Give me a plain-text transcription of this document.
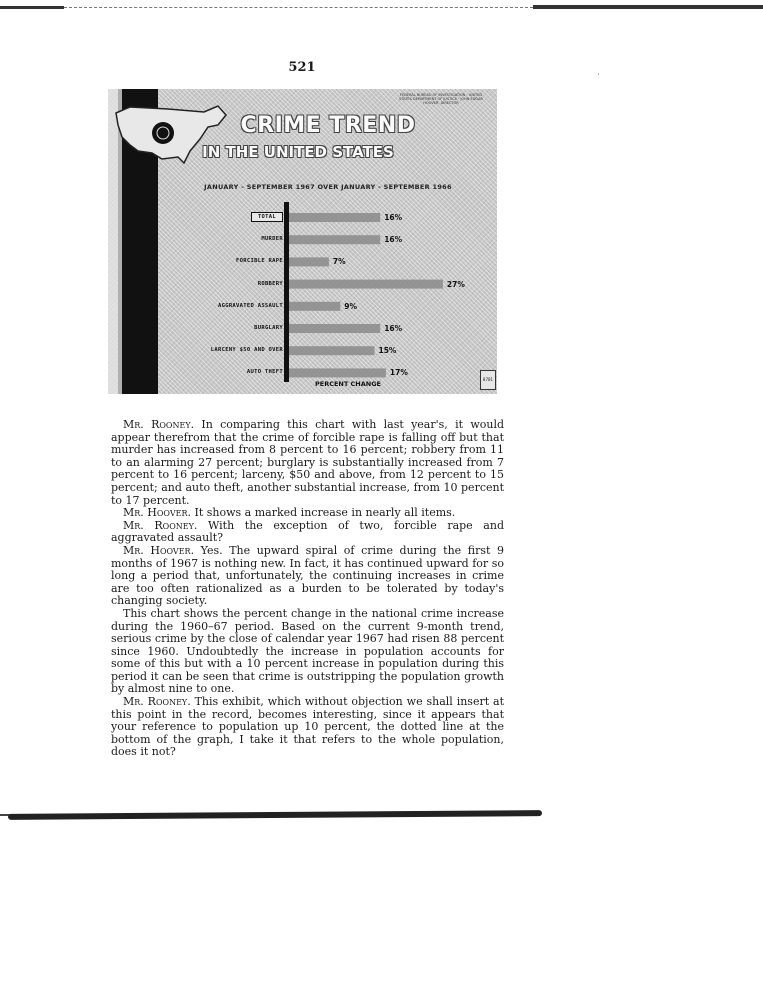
521	·
FEDERAL BUREAU OF INVESTIGATION · UNITED STATES DEPARTMENT OF JUSTICE · JOHN EDGAR HOOVER, DIRECTOR
CRIME TREND
IN THE UNITED STATES
JANUARY - SEPTEMBER 1967 OVER JANUARY - SEPTEMBER 1966
TOTAL
MURDER
FORCIBLE RAPE
ROBBERY
AGGRAVATED ASSAULT
BURGLARY
LARCENY $50 AND OVER
AUTO THEFT
16%
16%
7%
27%
9%
16%
15%
17%
PERCENT CHANGE
8781

Mr. Rooney. In comparing this chart with last year's, it would appear therefrom that the crime of forcible rape is falling off but that murder has increased from 8 percent to 16 percent; robbery from 11 to an alarming 27 percent; burglary is substantially increased from 7 percent to 16 percent; larceny, $50 and above, from 12 percent to 15 percent; and auto theft, another substantial increase, from 10 percent to 17 percent.

Mr. Hoover. It shows a marked increase in nearly all items.

Mr. Rooney. With the exception of two, forcible rape and aggravated assault?

Mr. Hoover. Yes. The upward spiral of crime during the first 9 months of 1967 is nothing new. In fact, it has continued upward for so long a period that, unfortunately, the continuing increases in crime are too often rationalized as a burden to be tolerated by today's changing society.

This chart shows the percent change in the national crime increase during the 1960–67 period. Based on the current 9-month trend, serious crime by the close of calendar year 1967 had risen 88 percent since 1960. Undoubtedly the increase in population accounts for some of this but with a 10 percent increase in population during this period it can be seen that crime is outstripping the population growth by almost nine to one.

Mr. Rooney. This exhibit, which without objection we shall insert at this point in the record, becomes interesting, since it appears that your reference to population up 10 percent, the dotted line at the bottom of the graph, I take it that refers to the whole population, does it not?
